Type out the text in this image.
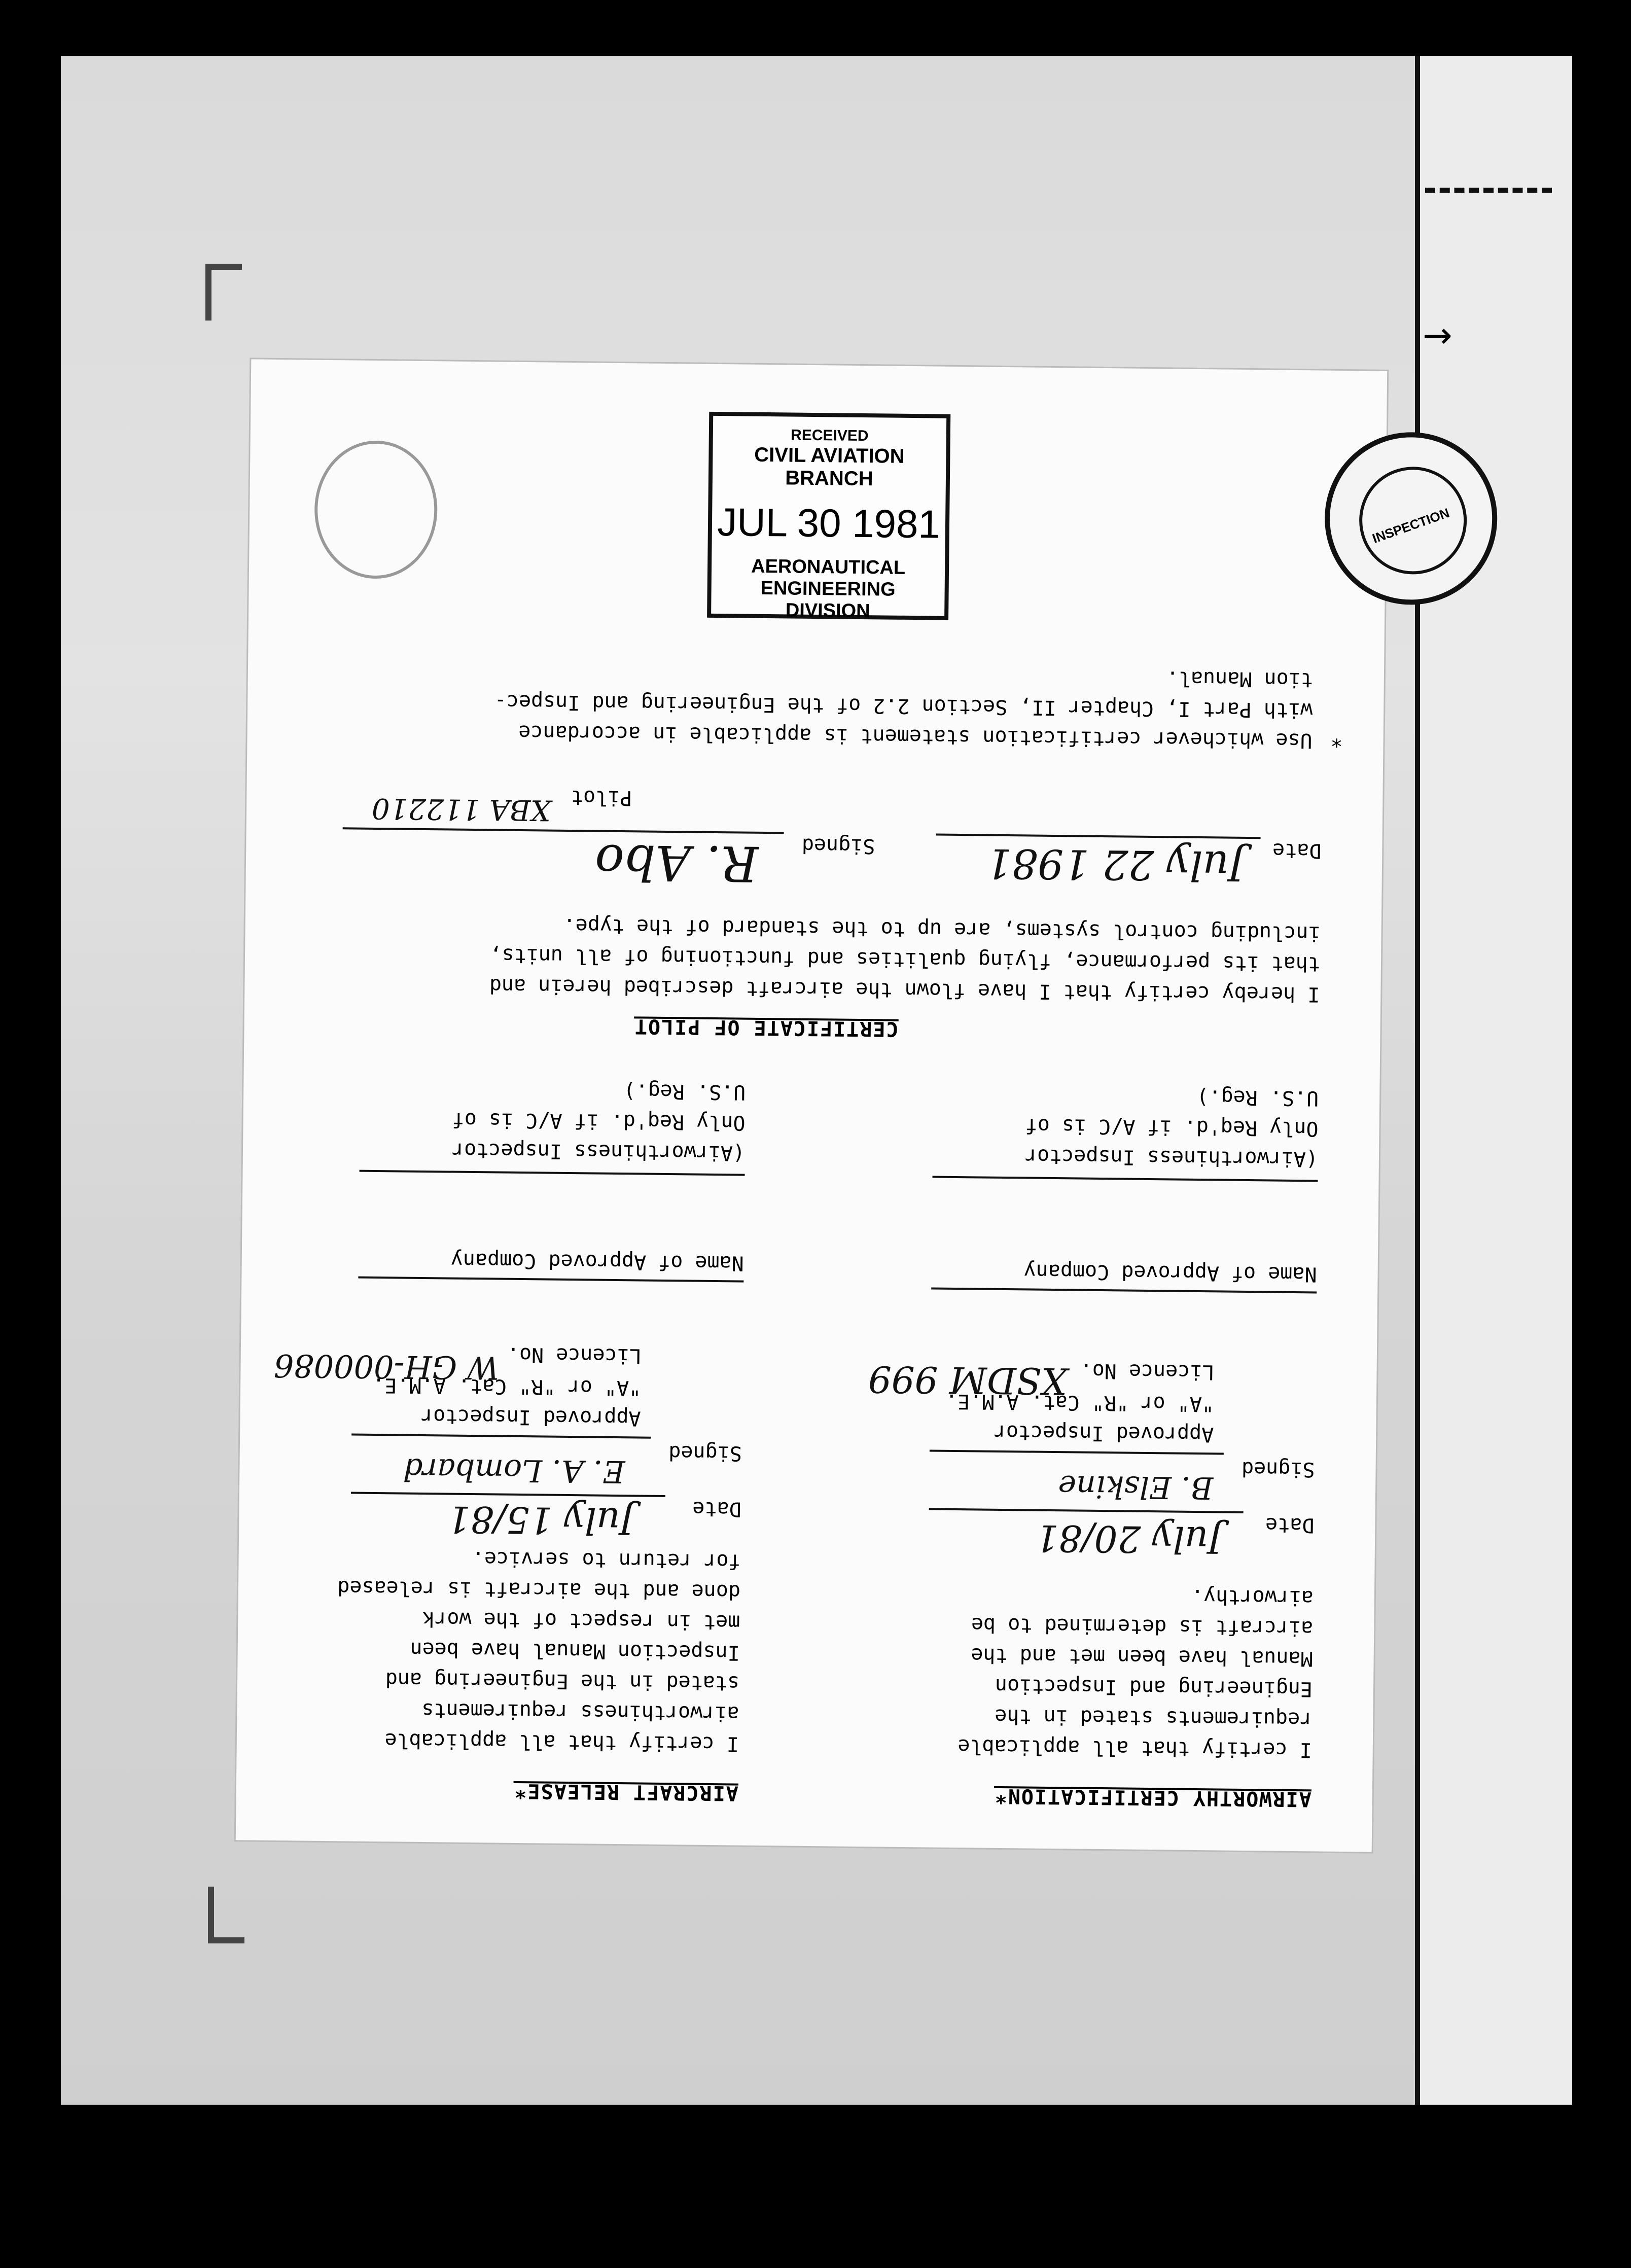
→
AIRWORTHY CERTIFICATION*
I certify that all applicable
requirements stated in the
Engineering and Inspection
Manual have been met and the
aircraft is determined to be
airworthy.
Date
July 20/81
Signed
B. Elskine
Approved Inspector
"A" or "R" Cat. A.M.E.
Licence No.
XSDM 999
Name of Approved Company
(Airworthiness Inspector
Only Req'd. if A/C is of
U.S. Reg.)
AIRCRAFT RELEASE*
I certify that all applicable
airworthiness requirements
stated in the Engineering and
Inspection Manual have been
met in respect of the work
done and the aircraft is released
for return to service.
Date
July 15/81
Signed
E. A. Lombard
Approved Inspector
"A" or "R" Cat. A.M.E.
Licence No.
W GH-000086
Name of Approved Company
(Airworthiness Inspector
Only Req'd. if A/C is of
U.S. Reg.)
CERTIFICATE OF PILOT
I hereby certify that I have flown the aircraft described herein and
that its performance, flying qualities and functioning of all units,
including control systems, are up to the standard of the type.
Date
July 22 1981
Signed
R. Abo
Pilot
XBA 112210
*
Use whichever certification statement is applicable in accordance
with Part I, Chapter II, Section 2.2 of the Engineering and Inspec-
tion Manual.
INSPECTION
RECEIVED
CIVIL AVIATION BRANCH
JUL 30 1981
AERONAUTICAL ENGINEERING
DIVISION
